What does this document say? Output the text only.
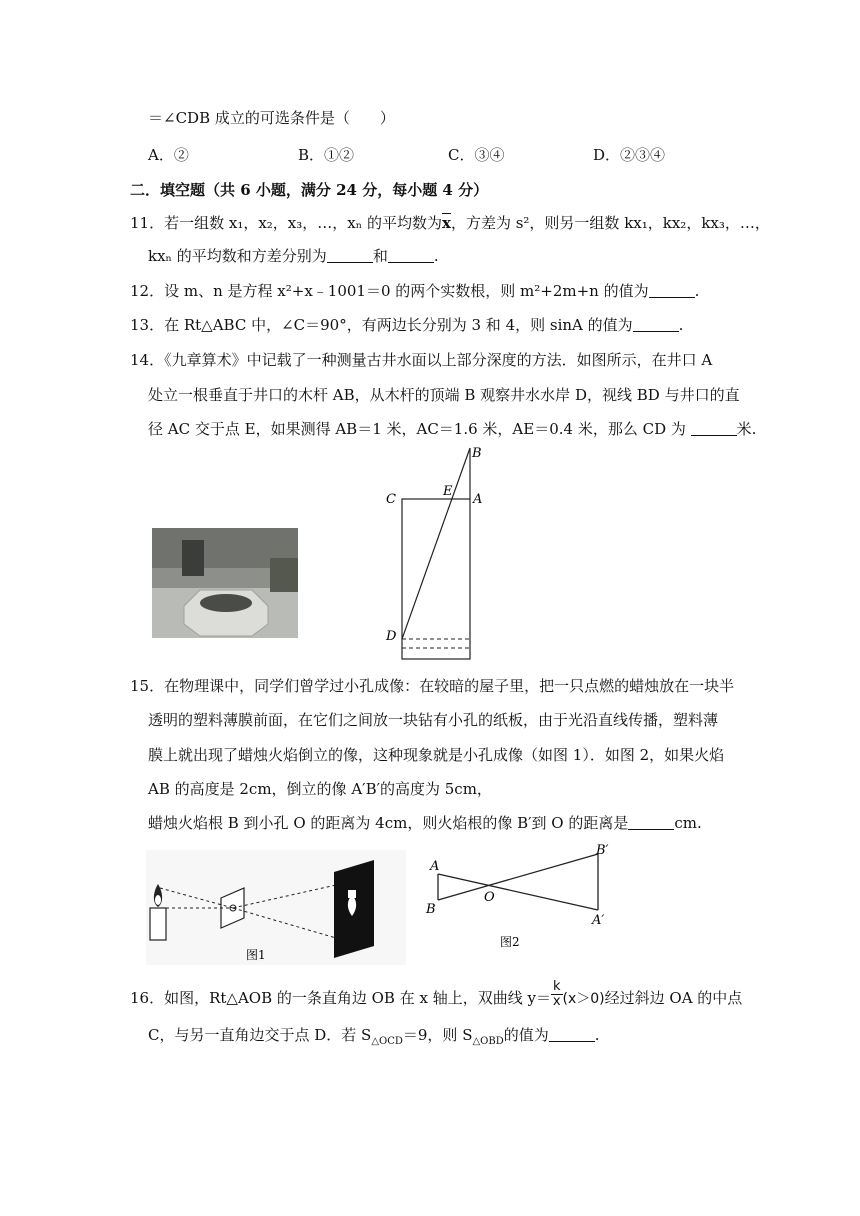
＝∠CDB 成立的可选条件是（　　）
A．②	B．①②	C．③④	D．②③④
二．填空题（共 6 小题，满分 24 分，每小题 4 分）
11．若一组数 x₁，x₂，x₃，…，xₙ 的平均数为$\overline{x}$，方差为 s²，则另一组数 kx₁，kx₂，kx₃，…，
kxₙ 的平均数和方差分别为	和	.
12．设 m、n 是方程 x²+x﹣1001＝0 的两个实数根，则 m²+2m+n 的值为	.
13．在 Rt△ABC 中，∠C＝90°，有两边长分别为 3 和 4，则 sinA 的值为	.
14．《九章算术》中记载了一种测量古井水面以上部分深度的方法．如图所示，在井口 A
处立一根垂直于井口的木杆 AB，从木杆的顶端 B 观察井水水岸 D，视线 BD 与井口的直
径 AC 交于点 E，如果测得 AB＝1 米，AC＝1.6 米，AE＝0.4 米，那么 CD 为	米.
B
C
E
A
D
15．在物理课中，同学们曾学过小孔成像：在较暗的屋子里，把一只点燃的蜡烛放在一块半
透明的塑料薄膜前面，在它们之间放一块钻有小孔的纸板，由于光沿直线传播，塑料薄
膜上就出现了蜡烛火焰倒立的像，这种现象就是小孔成像（如图 1）．如图 2，如果火焰
AB 的高度是 2cm，倒立的像 A′B′的高度为 5cm，
蜡烛火焰根 B 到小孔 O 的距离为 4cm，则火焰根的像 B′到 O 的距离是	cm.
图1
A
B
O
B′
A′
图2
16．如图，Rt△AOB 的一条直角边 OB 在 x 轴上，双曲线 $y= \frac{k}{x} (x>0)$经过斜边 OA 的中点
C，与另一直角边交于点 D．若 $S_{\triangle OCD}=9$，则 $S_{\triangle OBD}$的值为	.
